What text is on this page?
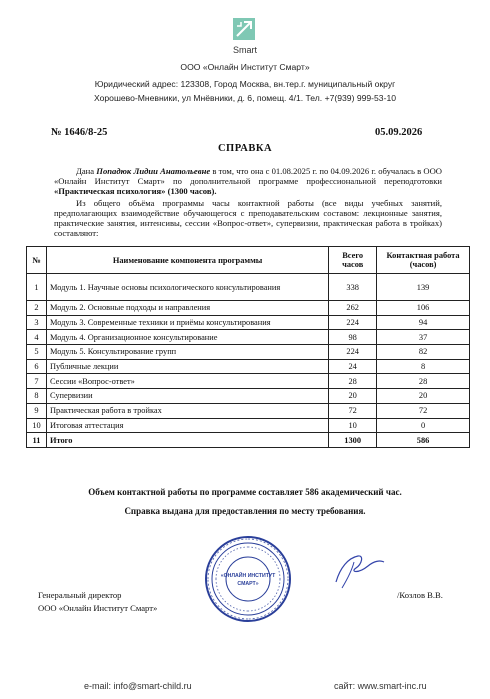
Smart
ООО «Онлайн Институт Смарт»
Юридический адрес: 123308, Город Москва, вн.тер.г. муниципальный округ
Хорошево-Мневники, ул Мнёвники, д. 6, помещ. 4/1. Тел. +7(939) 999-53-10
№ 1646/8-25	05.09.2026
СПРАВКА

Дана Попадюк Лидии Анатольевне в том, что она с 01.08.2025 г. по 04.09.2026 г. обучалась в ООО «Онлайн Институт Смарт» по дополнительной программе профессиональной переподготовки «Практическая психология» (1300 часов).

Из общего объёма программы часы контактной работы (все виды учебных занятий, предполагающих взаимодействие обучающегося с преподавательским составом: лекционные занятия, практические занятия, интенсивы, сессии «Вопрос-ответ», супервизии, практическая работа в тройках) составляют:

№	Наименование компонента программы	Всего часов	Контактная работа (часов)
1	Модуль 1. Научные основы психологического консультирования	338	139
2	Модуль 2. Основные подходы и направления	262	106
3	Модуль 3. Современные техники и приёмы консультирования	224	94
4	Модуль 4. Организационное консультирование	98	37
5	Модуль 5. Консультирование групп	224	82
6	Публичные лекции	24	8
7	Сессии «Вопрос-ответ»	28	28
8	Супервизии	20	20
9	Практическая работа в тройках	72	72
10	Итоговая аттестация	10	0
11	Итого	1300	586
Объем контактной работы по программе составляет 586 академический час.
Справка выдана для предоставления по месту требования.
«ОНЛАЙН ИНСТИТУТ
СМАРТ»
Генеральный директор
ООО «Онлайн Институт Смарт»
/Козлов В.В.
e-mail: info@smart-child.ru	сайт: www.smart-inc.ru
